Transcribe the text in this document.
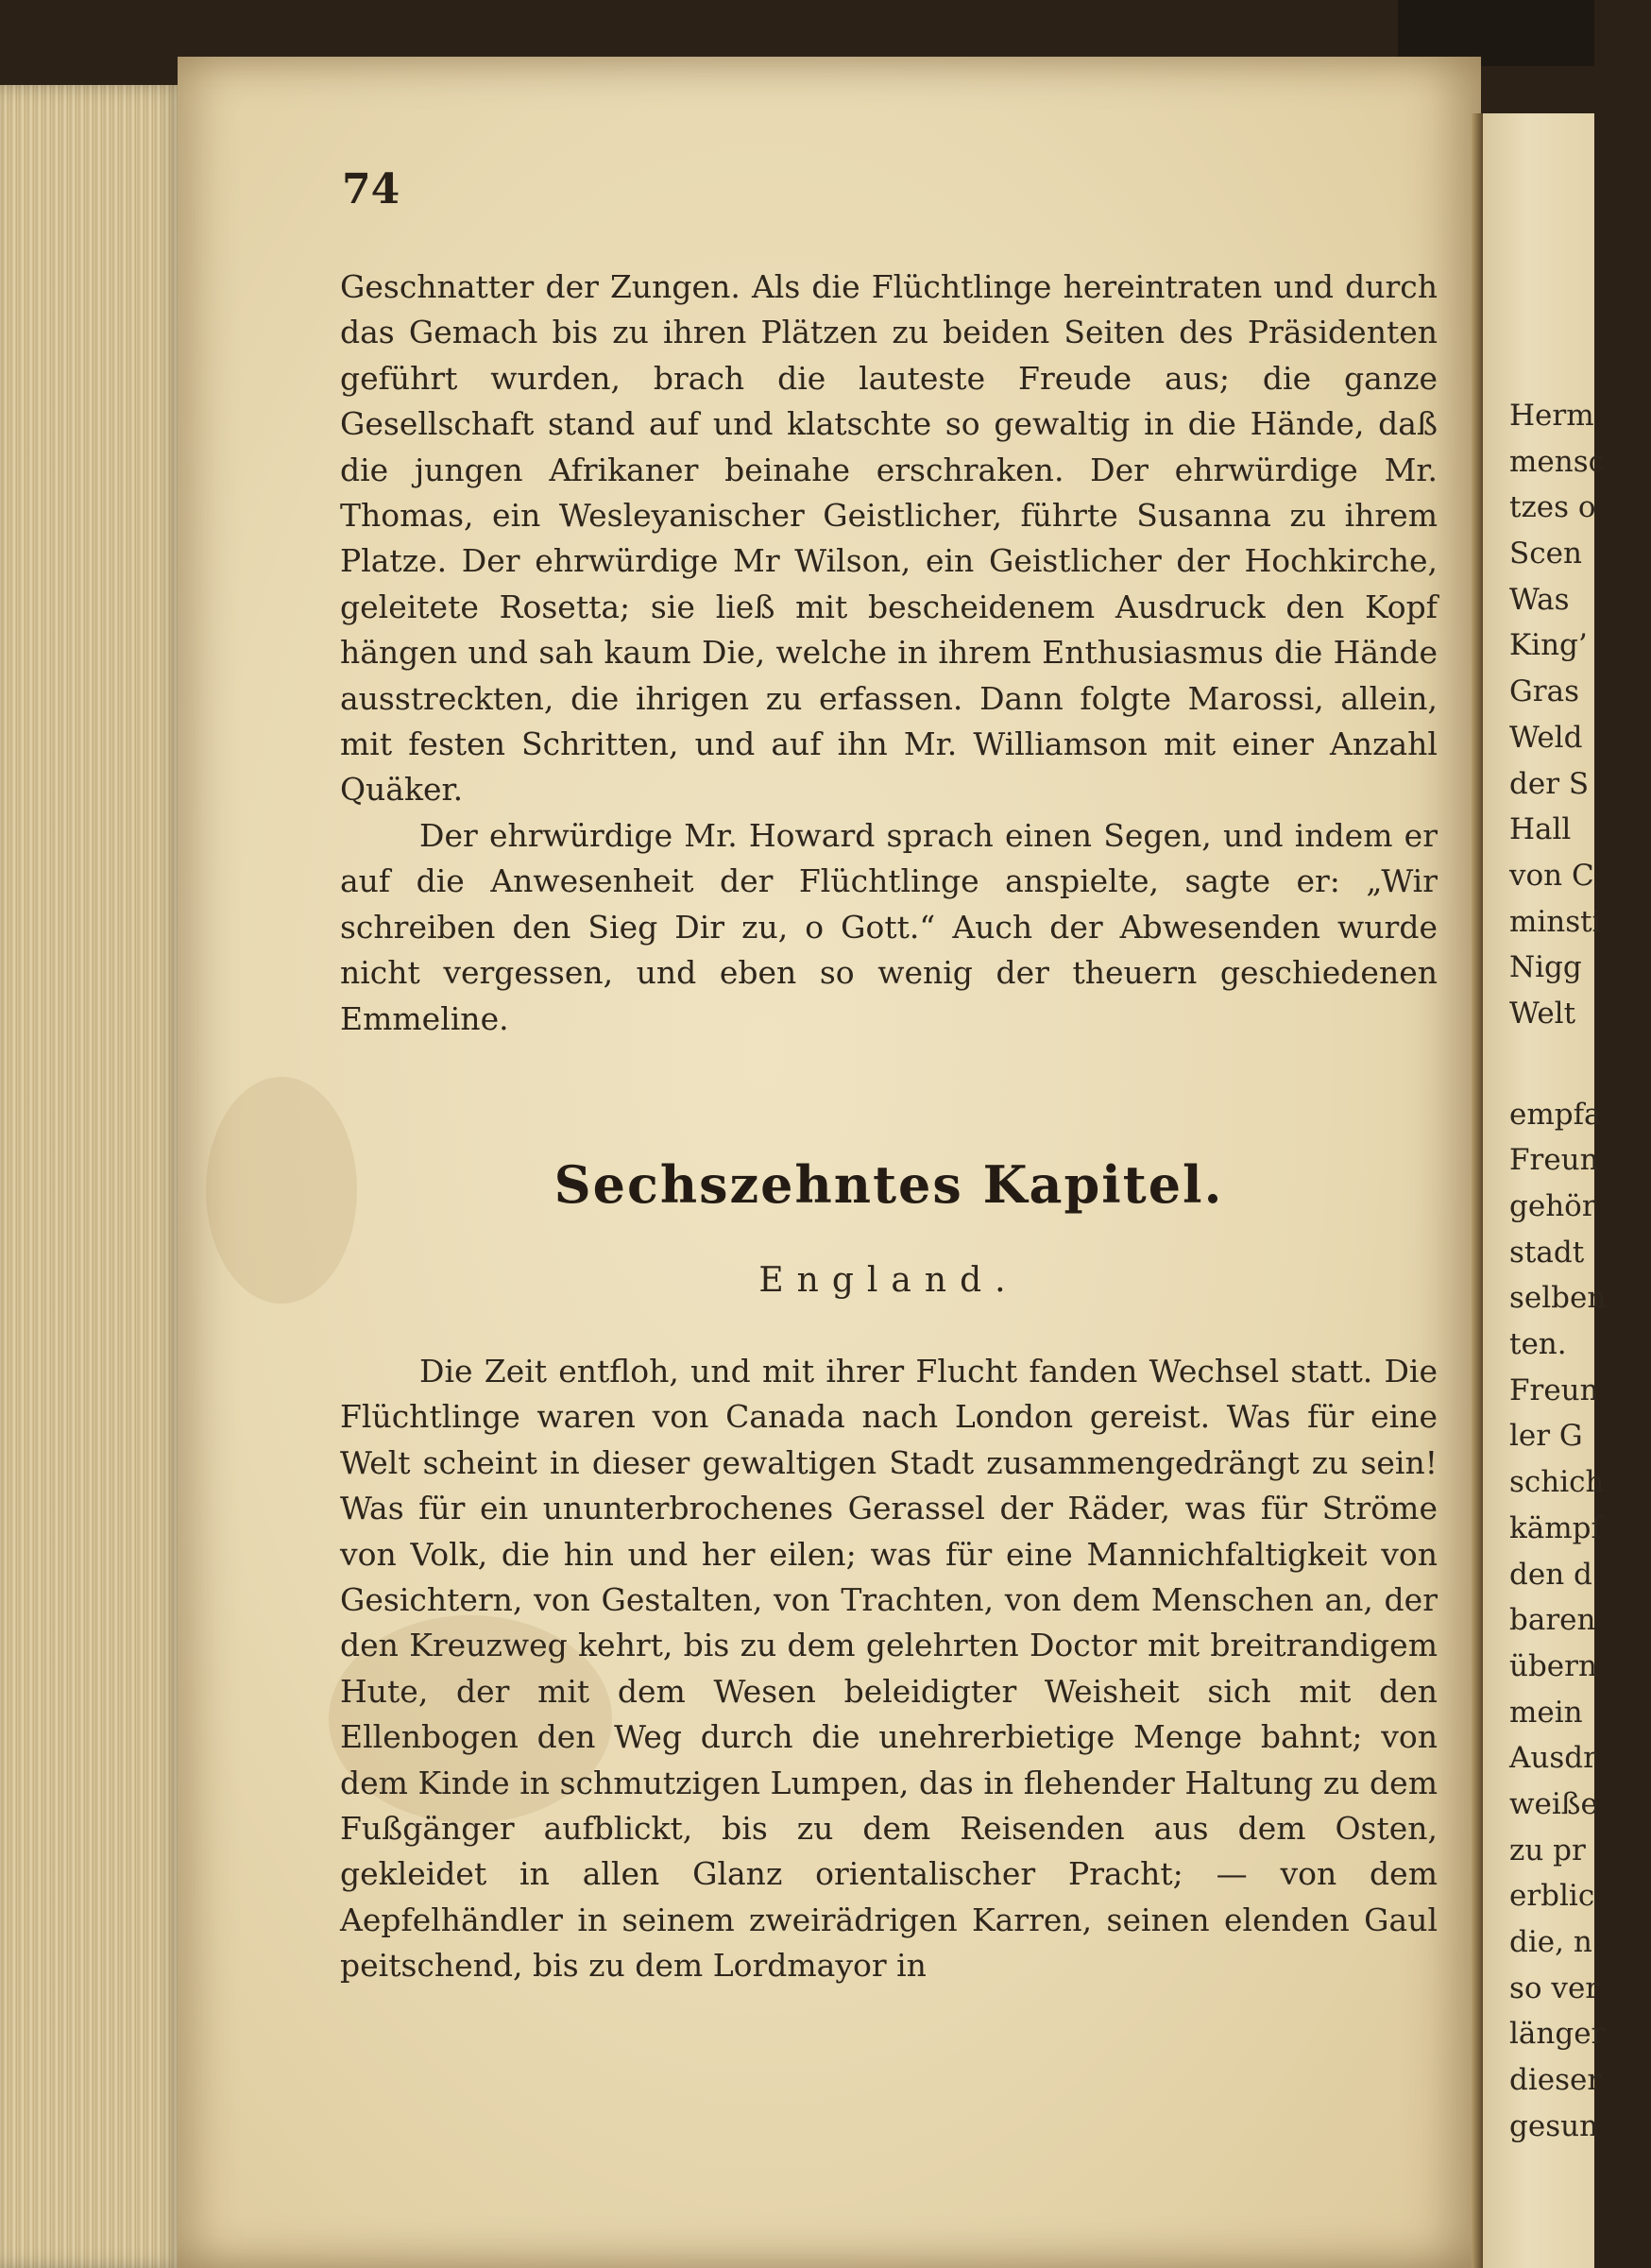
74

Geschnatter der Zungen. Als die Flüchtlinge hereintraten und durch das Gemach bis zu ihren Plätzen zu beiden Seiten des Präsidenten geführt wurden, brach die lauteste Freude aus; die ganze Gesellschaft stand auf und klatschte so gewaltig in die Hände, daß die jungen Afrikaner beinahe erschraken. Der ehrwürdige Mr. Thomas, ein Wesleyanischer Geistlicher, führte Susanna zu ihrem Platze. Der ehrwürdige Mr Wilson, ein Geistlicher der Hochkirche, geleitete Rosetta; sie ließ mit bescheidenem Ausdruck den Kopf hängen und sah kaum Die, welche in ihrem Enthusiasmus die Hände ausstreckten, die ihrigen zu erfassen. Dann folgte Marossi, allein, mit festen Schritten, und auf ihn Mr. Williamson mit einer Anzahl Quäker.

Der ehrwürdige Mr. Howard sprach einen Segen, und indem er auf die Anwesenheit der Flüchtlinge anspielte, sagte er: „Wir schreiben den Sieg Dir zu, o Gott.“ Auch der Abwesenden wurde nicht vergessen, und eben so wenig der theuern geschiedenen Emmeline.

Sechszehntes Kapitel.
England.

Die Zeit entfloh, und mit ihrer Flucht fanden Wechsel statt. Die Flüchtlinge waren von Canada nach London gereist. Was für eine Welt scheint in dieser gewaltigen Stadt zusammengedrängt zu sein! Was für ein ununterbrochenes Gerassel der Räder, was für Ströme von Volk, die hin und her eilen; was für eine Mannichfaltigkeit von Gesichtern, von Gestalten, von Trachten, von dem Menschen an, der den Kreuzweg kehrt, bis zu dem gelehrten Doctor mit breitrandigem Hute, der mit dem Wesen beleidigter Weisheit sich mit den Ellenbogen den Weg durch die unehrerbietige Menge bahnt; von dem Kinde in schmutzigen Lumpen, das in flehender Haltung zu dem Fußgänger aufblickt, bis zu dem Reisenden aus dem Osten, gekleidet in allen Glanz orientalischer Pracht; — von dem Aepfelhändler in seinem zweirädrigen Karren, seinen elenden Gaul peitschend, bis zu dem Lordmayor in

Herm
mensc
tzes o
Scen
Was
King’
Gras
Weld
der S
Hall
von C
minsti
Nigg
Welt
empfa
Freun
gehör
stadt
selben
ten.
Freun
ler G
schich
kämpf
den d
baren
übern
mein
Ausdr
weiße
zu pr
erblic
die, n
so ver
länger
dieser
gesun
